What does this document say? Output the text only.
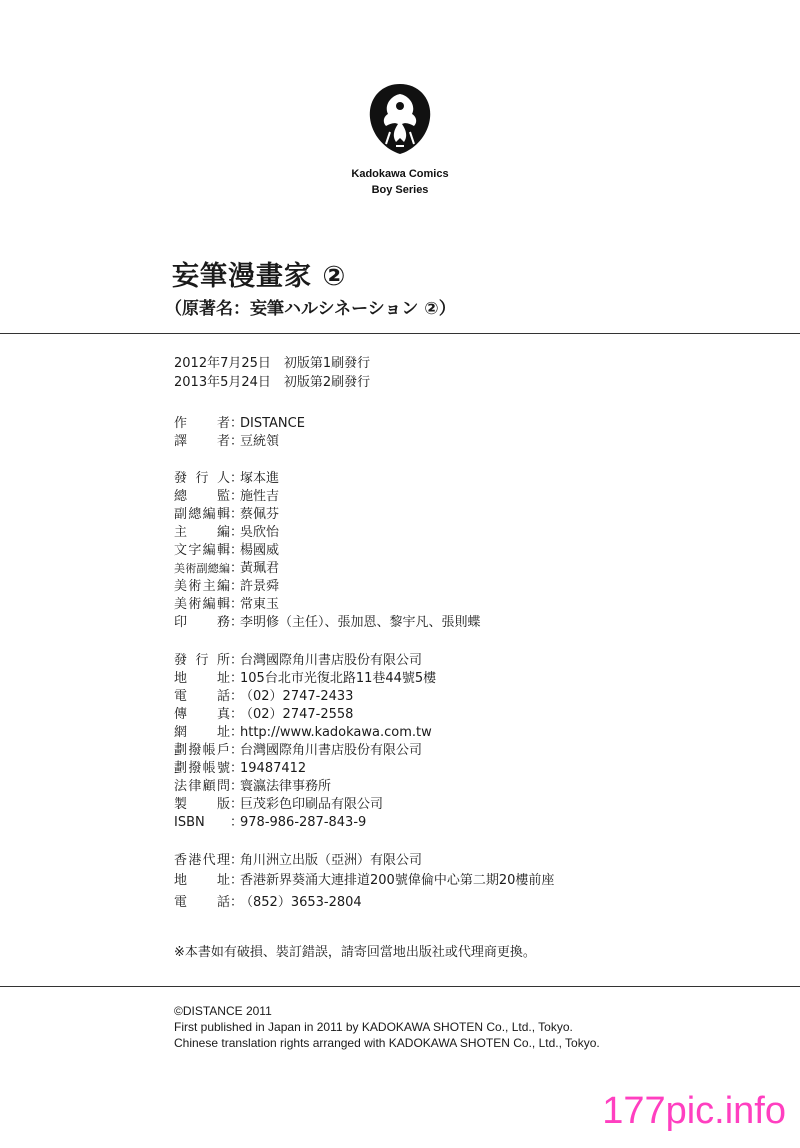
Kadokawa Comics
Boy Series
妄筆漫畫家 ②
（原著名：妄筆ハルシネーション ②）
2012年7月25日　初版第1刷發行
2013年5月24日　初版第2刷發行
作者 ：
DISTANCE
譯者 ：
豆統領
發行人 ：
塚本進
總監 ：
施性吉
副總編輯 ：
蔡佩芬
主編 ：
吳欣怡
文字編輯 ：
楊國威
美術副總編 ：
黃珮君
美術主編 ：
許景舜
美術編輯 ：
常東玉
印務 ：
李明修（主任）、張加恩、黎宇凡、張則蝶
發行所 ：
台灣國際角川書店股份有限公司
地址 ：
105台北市光復北路11巷44號5樓
電話 ：
（02）2747-2433
傳真 ：
（02）2747-2558
網址 ：
http://www.kadokawa.com.tw
劃撥帳戶 ：
台灣國際角川書店股份有限公司
劃撥帳號 ：
19487412
法律顧問 ：
寰瀛法律事務所
製版 ：
巨茂彩色印刷品有限公司
ISBN	：
978-986-287-843-9
香港代理 ：
角川洲立出版（亞洲）有限公司
地址 ：
香港新界葵涌大連排道200號偉倫中心第二期20樓前座
電話 ：
（852）3653-2804
※本書如有破損、裝訂錯誤，請寄回當地出版社或代理商更換。
©DISTANCE 2011
First published in Japan in 2011 by KADOKAWA SHOTEN Co., Ltd., Tokyo.
Chinese translation rights arranged with KADOKAWA SHOTEN Co., Ltd., Tokyo.
177pic.info
